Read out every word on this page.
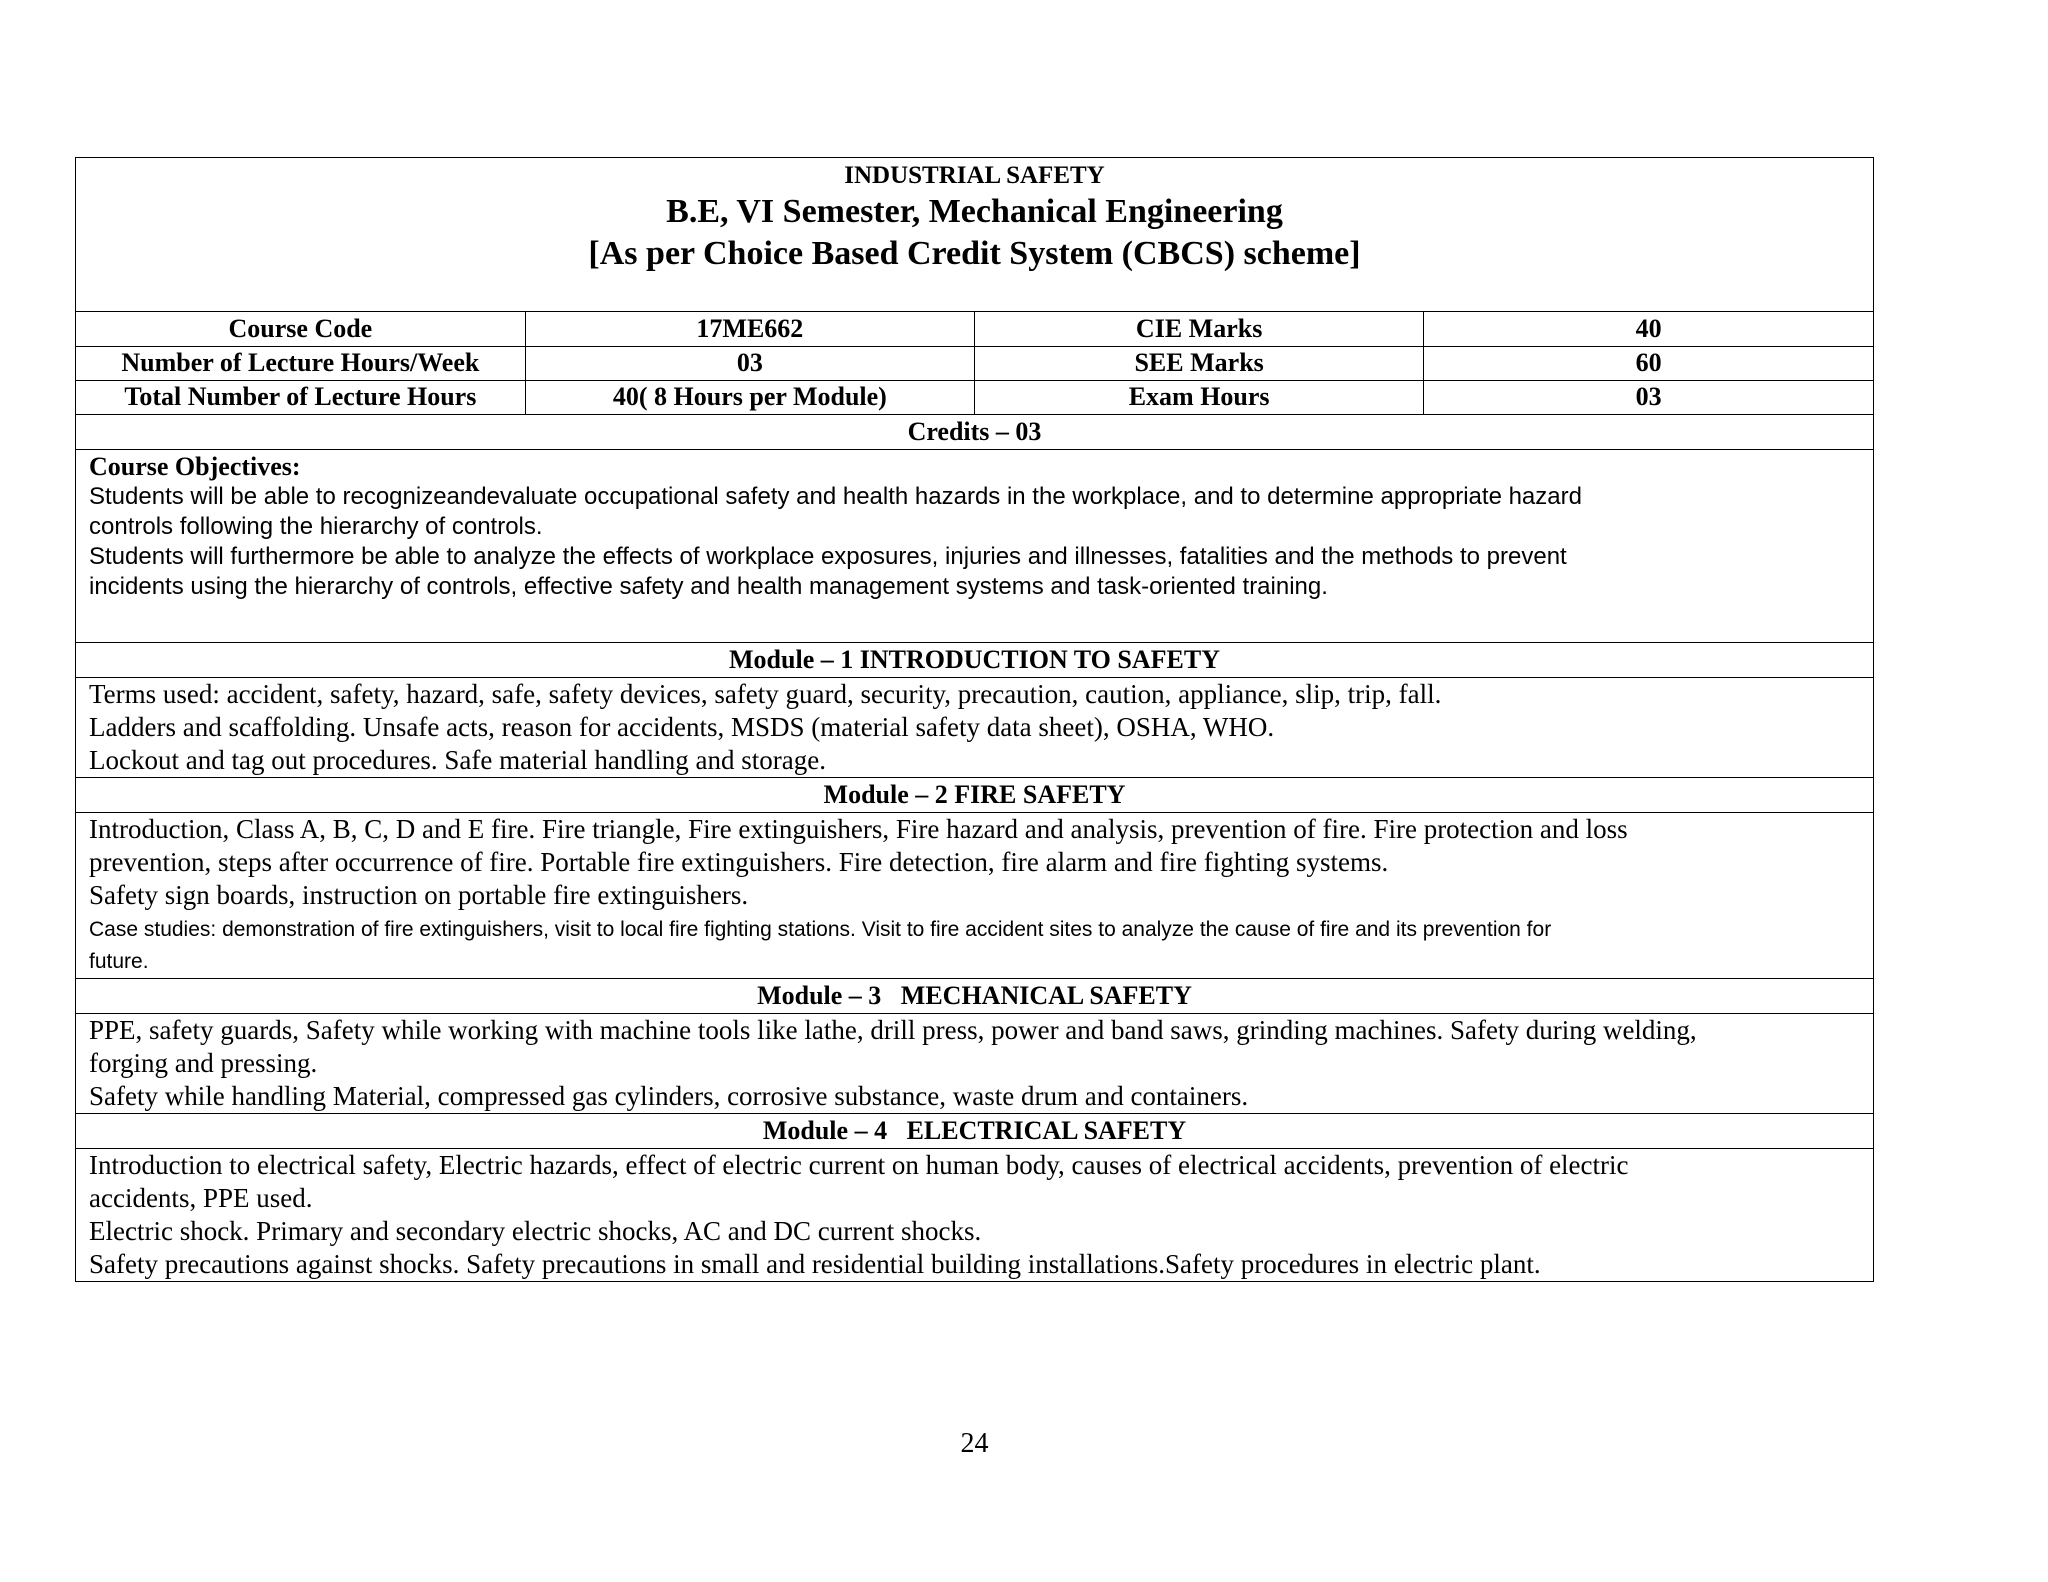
INDUSTRIAL SAFETY
B.E, VI Semester, Mechanical Engineering
[As per Choice Based Credit System (CBCS) scheme]
Course Code	17ME662	CIE Marks	40
Number of Lecture Hours/Week	03	SEE Marks	60
Total Number of Lecture Hours	40( 8 Hours per Module)	Exam Hours	03
Credits – 03
Course Objectives:
Students will be able to recognizeandevaluate occupational safety and health hazards in the workplace, and to determine appropriate hazard
controls following the hierarchy of controls.
Students will furthermore be able to analyze the effects of workplace exposures, injuries and illnesses, fatalities and the methods to prevent
incidents using the hierarchy of controls, effective safety and health management systems and task-oriented training.
Module – 1 INTRODUCTION TO SAFETY
Terms used: accident, safety, hazard, safe, safety devices, safety guard, security, precaution, caution, appliance, slip, trip, fall.
Ladders and scaffolding. Unsafe acts, reason for accidents, MSDS (material safety data sheet), OSHA, WHO.
Lockout and tag out procedures. Safe material handling and storage.
Module – 2 FIRE SAFETY
Introduction, Class A, B, C, D and E fire. Fire triangle, Fire extinguishers, Fire hazard and analysis, prevention of fire. Fire protection and loss
prevention, steps after occurrence of fire. Portable fire extinguishers. Fire detection, fire alarm and fire fighting systems.
Safety sign boards, instruction on portable fire extinguishers.
Case studies: demonstration of fire extinguishers, visit to local fire fighting stations. Visit to fire accident sites to analyze the cause of fire and its prevention for
future.
Module – 3   MECHANICAL SAFETY
PPE, safety guards, Safety while working with machine tools like lathe, drill press, power and band saws, grinding machines. Safety during welding,
forging and pressing.
Safety while handling Material, compressed gas cylinders, corrosive substance, waste drum and containers.
Module – 4   ELECTRICAL SAFETY
Introduction to electrical safety, Electric hazards, effect of electric current on human body, causes of electrical accidents, prevention of electric
accidents, PPE used.
Electric shock. Primary and secondary electric shocks, AC and DC current shocks.
Safety precautions against shocks. Safety precautions in small and residential building installations.Safety procedures in electric plant.
24
